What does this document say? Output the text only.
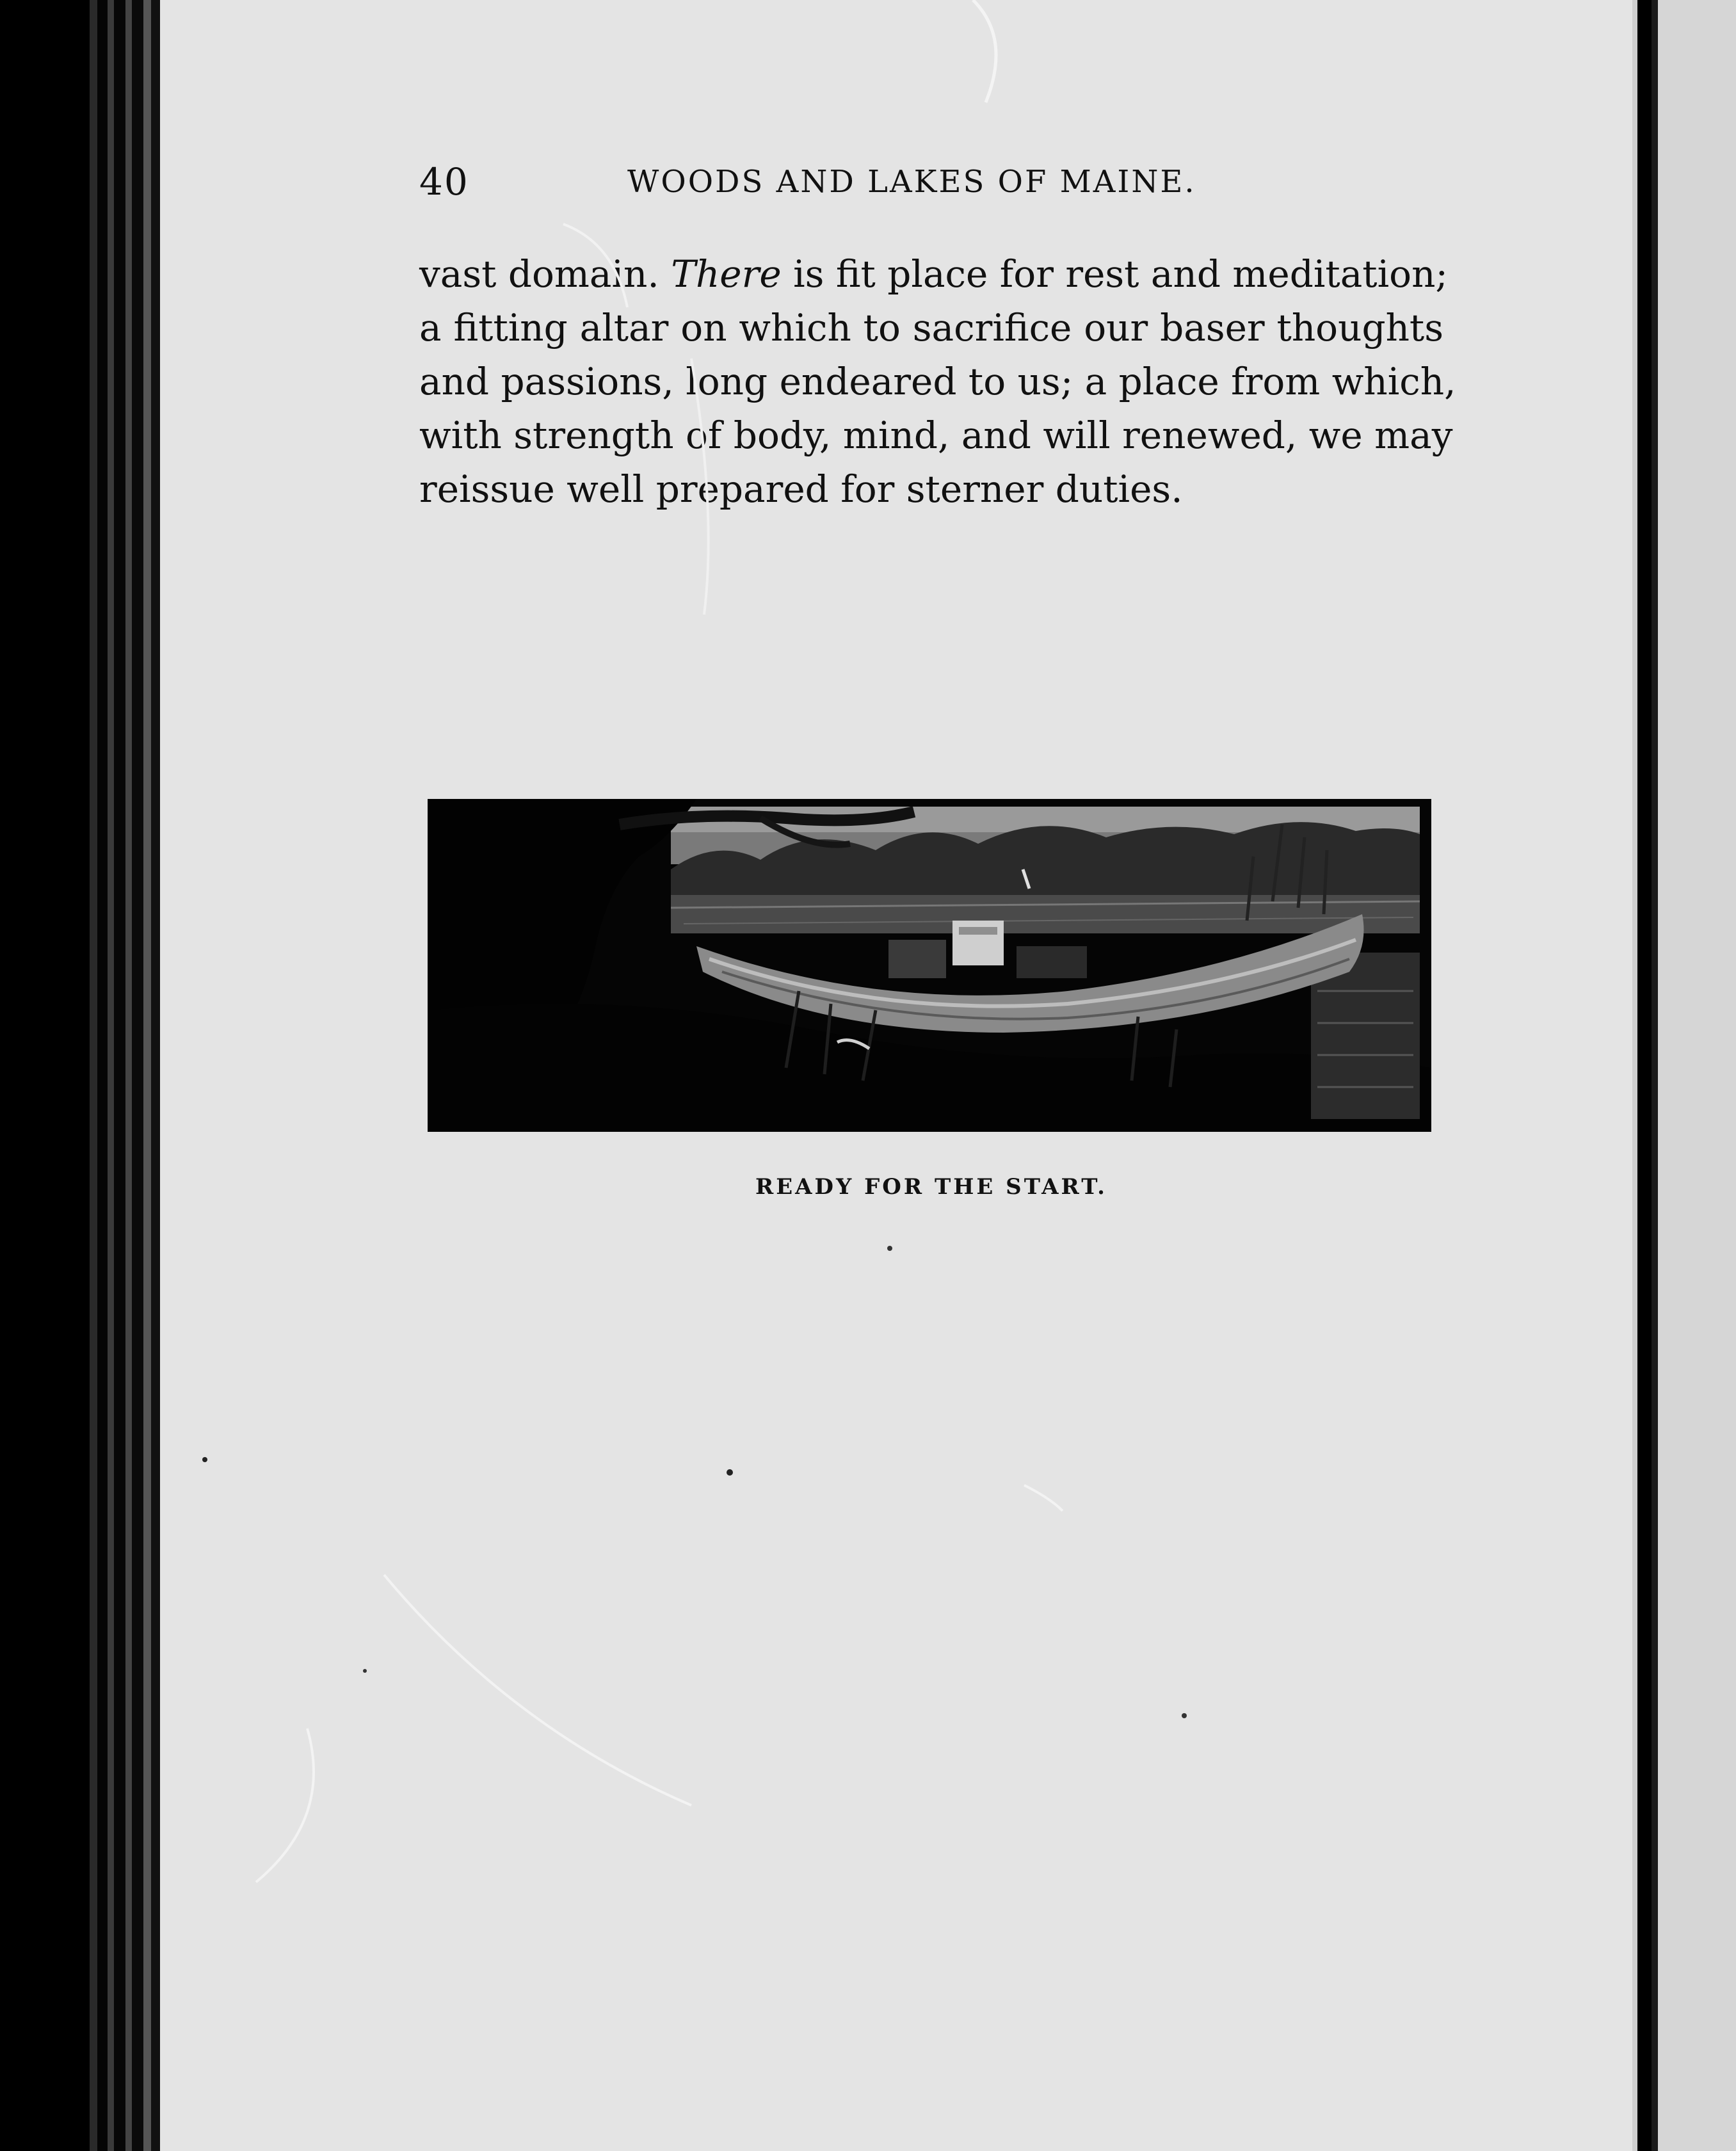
40	WOODS AND LAKES OF MAINE.
vast domain. There is fit place for rest and meditation;
a fitting altar on which to sacrifice our baser thoughts
and passions, long endeared to us; a place from which,
with strength of body, mind, and will renewed, we may
reissue well prepared for sterner duties.
READY FOR THE START.
